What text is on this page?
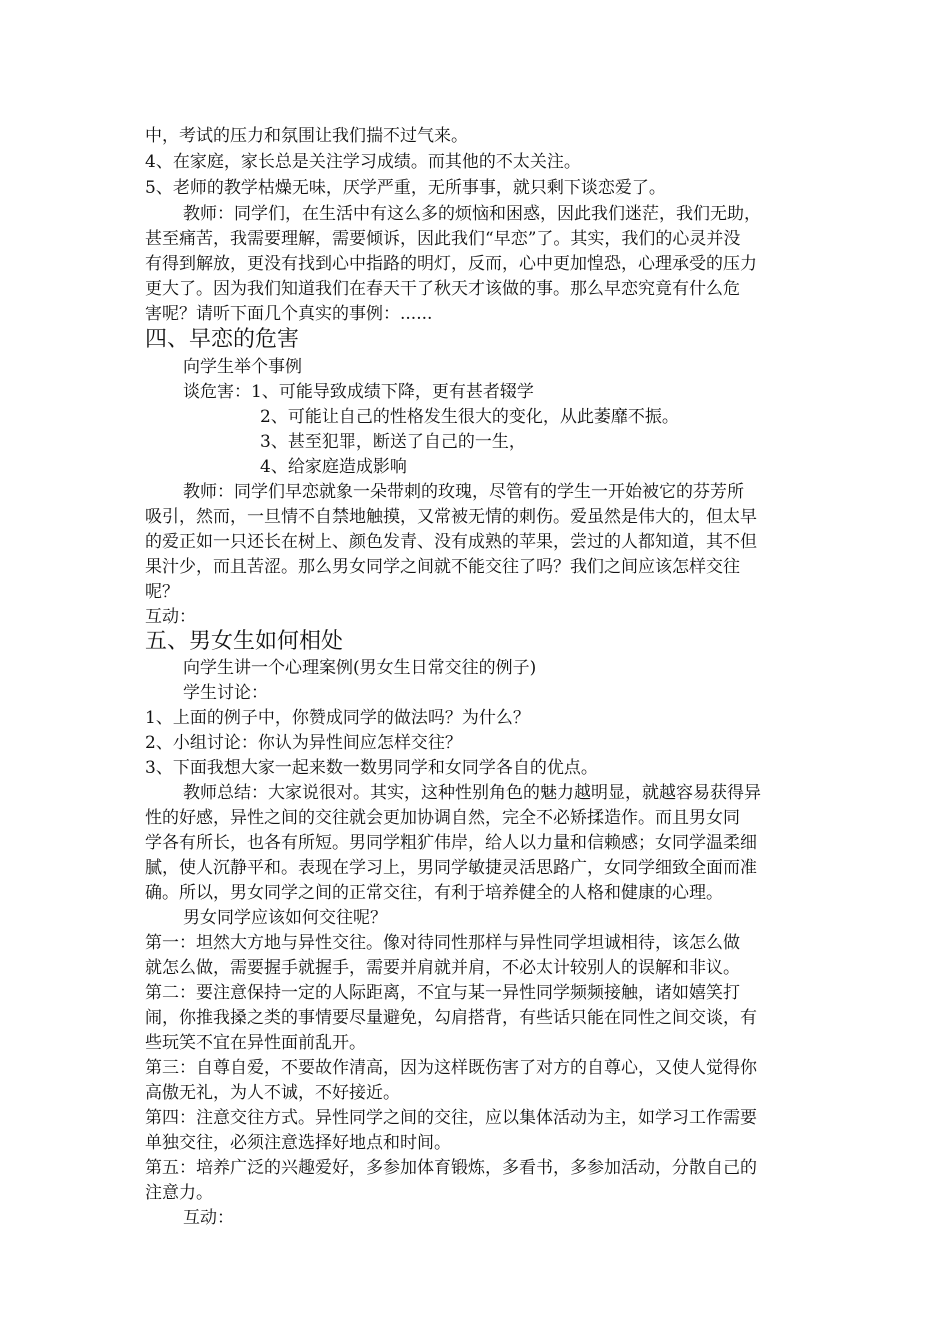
中，考试的压力和氛围让我们揣不过气来。
4、在家庭，家长总是关注学习成绩。而其他的不太关注。
5、老师的教学枯燥无味，厌学严重，无所事事，就只剩下谈恋爱了。
教师：同学们，在生活中有这么多的烦恼和困惑，因此我们迷茫，我们无助，
甚至痛苦，我需要理解，需要倾诉，因此我们“早恋”了。其实，我们的心灵并没
有得到解放，更没有找到心中指路的明灯，反而，心中更加惶恐，心理承受的压力
更大了。因为我们知道我们在春天干了秋天才该做的事。那么早恋究竟有什么危
害呢？请听下面几个真实的事例：......
四、早恋的危害
向学生举个事例
谈危害：1、可能导致成绩下降，更有甚者辍学
2、可能让自己的性格发生很大的变化，从此萎靡不振。
3、甚至犯罪，断送了自己的一生，
4、给家庭造成影响
教师：同学们早恋就象一朵带刺的玫瑰，尽管有的学生一开始被它的芬芳所
吸引，然而，一旦情不自禁地触摸，又常被无情的刺伤。爱虽然是伟大的，但太早
的爱正如一只还长在树上、颜色发青、没有成熟的苹果，尝过的人都知道，其不但
果汁少，而且苦涩。那么男女同学之间就不能交往了吗？我们之间应该怎样交往
呢？
互动：
五、男女生如何相处
向学生讲一个心理案例(男女生日常交往的例子)
学生讨论：
1、上面的例子中，你赞成同学的做法吗？为什么？
2、小组讨论：你认为异性间应怎样交往？
3、下面我想大家一起来数一数男同学和女同学各自的优点。
教师总结：大家说很对。其实，这种性别角色的魅力越明显，就越容易获得异
性的好感，异性之间的交往就会更加协调自然，完全不必矫揉造作。而且男女同
学各有所长，也各有所短。男同学粗犷伟岸，给人以力量和信赖感；女同学温柔细
腻，使人沉静平和。表现在学习上，男同学敏捷灵活思路广，女同学细致全面而准
确。所以，男女同学之间的正常交往，有利于培养健全的人格和健康的心理。
男女同学应该如何交往呢？
第一：坦然大方地与异性交往。像对待同性那样与异性同学坦诚相待，该怎么做
就怎么做，需要握手就握手，需要并肩就并肩，不必太计较别人的误解和非议。
第二：要注意保持一定的人际距离，不宜与某一异性同学频频接触，诸如嬉笑打
闹，你推我搡之类的事情要尽量避免，勾肩搭背，有些话只能在同性之间交谈，有
些玩笑不宜在异性面前乱开。
第三：自尊自爱，不要故作清高，因为这样既伤害了对方的自尊心，又使人觉得你
高傲无礼，为人不诚，不好接近。
第四：注意交往方式。异性同学之间的交往，应以集体活动为主，如学习工作需要
单独交往，必须注意选择好地点和时间。
第五：培养广泛的兴趣爱好，多参加体育锻炼，多看书，多参加活动，分散自己的
注意力。
互动：
